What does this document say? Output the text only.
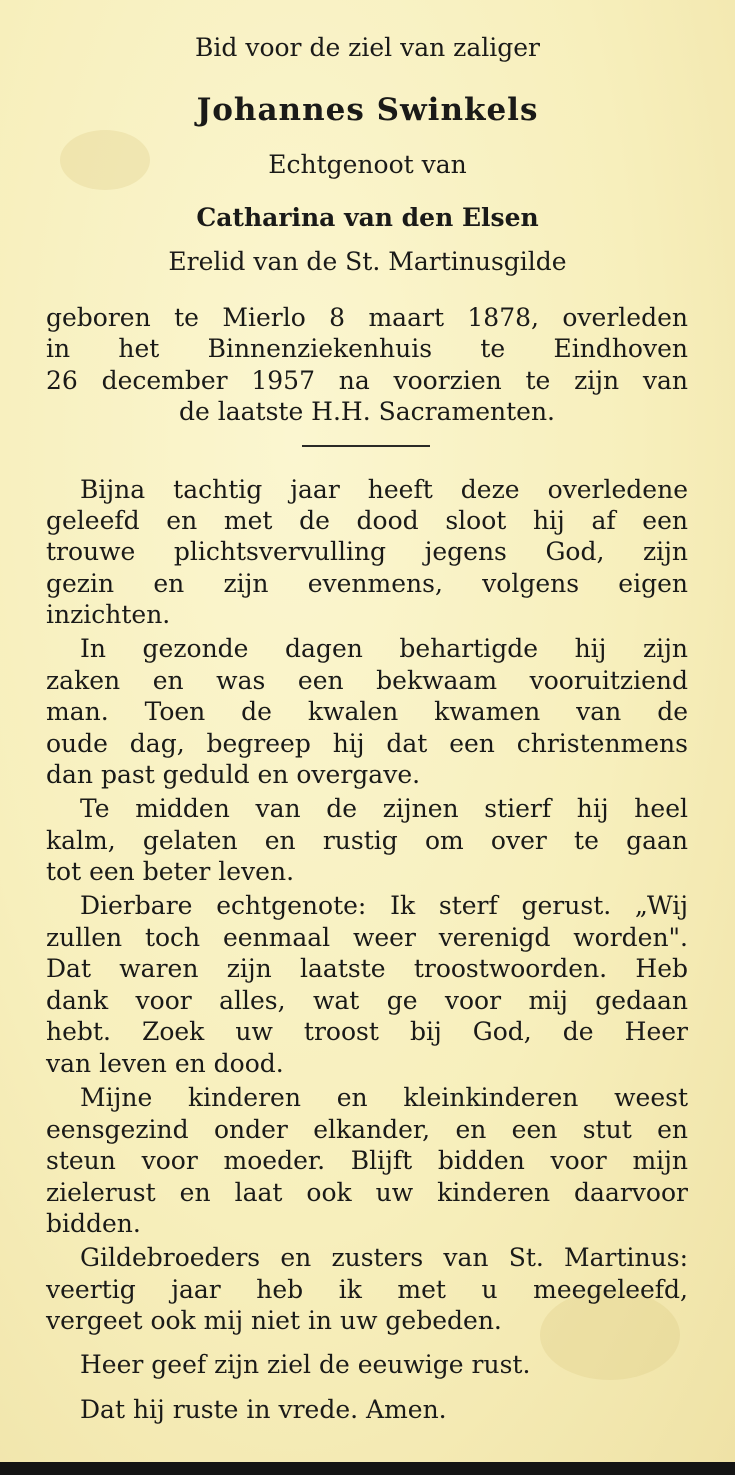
Bid voor de ziel van zaliger
Johannes Swinkels
Echtgenoot van
Catharina van den Elsen
Erelid van de St. Martinusgilde
geboren te Mierlo 8 maart 1878, overleden
in het Binnenziekenhuis te Eindhoven
26 december 1957 na voorzien te zijn van
de laatste H.H. Sacramenten.
Bijna tachtig jaar heeft deze overledene
geleefd en met de dood sloot hij af een
trouwe plichtsvervulling jegens God, zijn
gezin en zijn evenmens, volgens eigen
inzichten.
In gezonde dagen behartigde hij zijn
zaken en was een bekwaam vooruitziend
man. Toen de kwalen kwamen van de
oude dag, begreep hij dat een christenmens
dan past geduld en overgave.
Te midden van de zijnen stierf hij heel
kalm, gelaten en rustig om over te gaan
tot een beter leven.
Dierbare echtgenote: Ik sterf gerust. „Wij
zullen toch eenmaal weer verenigd worden".
Dat waren zijn laatste troostwoorden. Heb
dank voor alles, wat ge voor mij gedaan
hebt. Zoek uw troost bij God, de Heer
van leven en dood.
Mijne kinderen en kleinkinderen weest
eensgezind onder elkander, en een stut en
steun voor moeder. Blijft bidden voor mijn
zielerust en laat ook uw kinderen daarvoor
bidden.
Gildebroeders en zusters van St. Martinus:
veertig jaar heb ik met u meegeleefd,
vergeet ook mij niet in uw gebeden.
Heer geef zijn ziel de eeuwige rust.
Dat hij ruste in vrede. Amen.
